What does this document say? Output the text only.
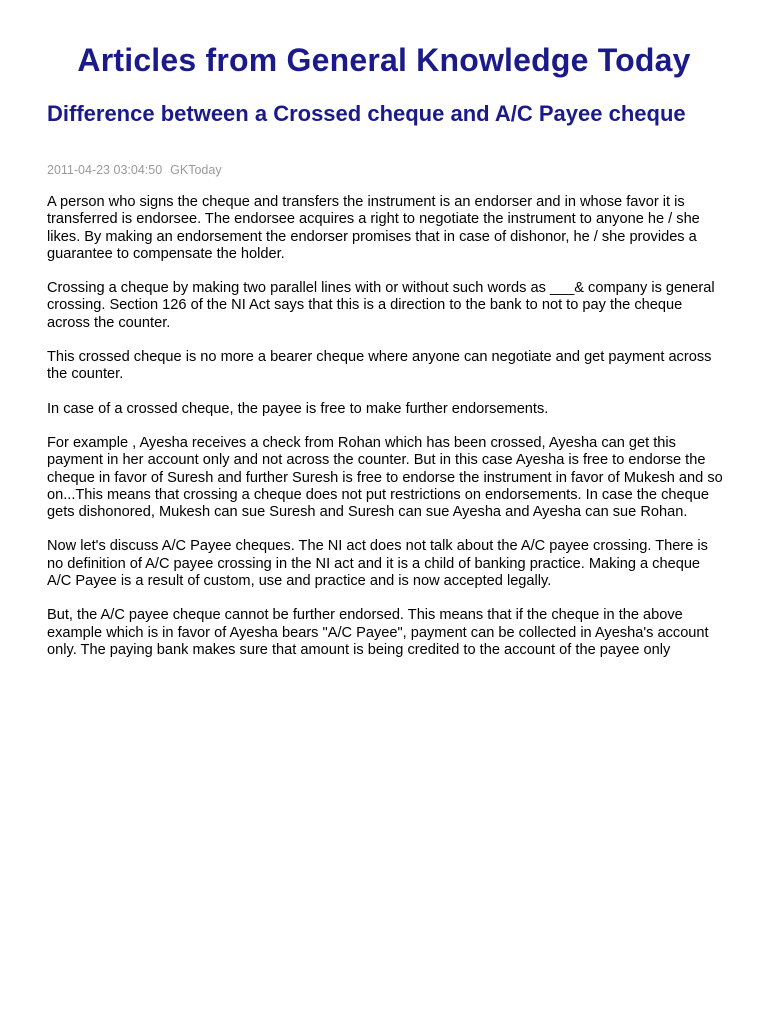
Articles from General Knowledge Today
Difference between a Crossed cheque and A/C Payee cheque
2011-04-23 03:04:50 GKToday

A person who signs the cheque and transfers the instrument is an endorser and in whose favor it is transferred is endorsee. The endorsee acquires a right to negotiate the instrument to anyone he / she likes. By making an endorsement the endorser promises that in case of dishonor, he / she provides a guarantee to compensate the holder.

Crossing a cheque by making two parallel lines with or without such words as ___& company is general crossing. Section 126 of the NI Act says that this is a direction to the bank to not to pay the cheque across the counter.

This crossed cheque is no more a bearer cheque where anyone can negotiate and get payment across the counter.

In case of a crossed cheque, the payee is free to make further endorsements.

For example , Ayesha receives a check from Rohan which has been crossed, Ayesha can get this payment in her account only and not across the counter. But in this case Ayesha is free to endorse the cheque in favor of Suresh and further Suresh is free to endorse the instrument in favor of Mukesh and so on...This means that crossing a cheque does not put restrictions on endorsements. In case the cheque gets dishonored, Mukesh can sue Suresh and Suresh can sue Ayesha and Ayesha can sue Rohan.

Now let's discuss A/C Payee cheques. The NI act does not talk about the A/C payee crossing. There is no definition of A/C payee crossing in the NI act and it is a child of banking practice. Making a cheque A/C Payee is a result of custom, use and practice and is now accepted legally.

But, the A/C payee cheque cannot be further endorsed. This means that if the cheque in the above example which is in favor of Ayesha bears "A/C Payee", payment can be collected in Ayesha's account only. The paying bank makes sure that amount is being credited to the account of the payee only
